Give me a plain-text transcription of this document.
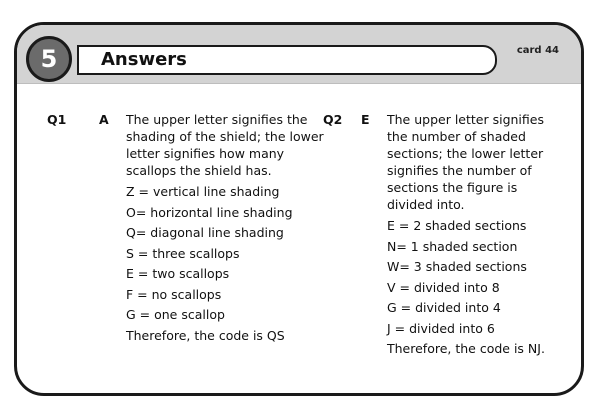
Answers	card 44
Q1	A The upper letter signifies the shading of the shield; the lower letter signifies how many scallops the shield has.

Z = vertical line shading

O= horizontal line shading

Q= diagonal line shading

S = three scallops

E = two scallops

F = no scallops

G = one scallop

Therefore, the code is QS

Q2 E The upper letter signifies the number of shaded sections; the lower letter signifies the number of sections the figure is divided into.

E = 2 shaded sections

N= 1 shaded section

W= 3 shaded sections

V = divided into 8

G = divided into 4

J = divided into 6

Therefore, the code is NJ.

5
